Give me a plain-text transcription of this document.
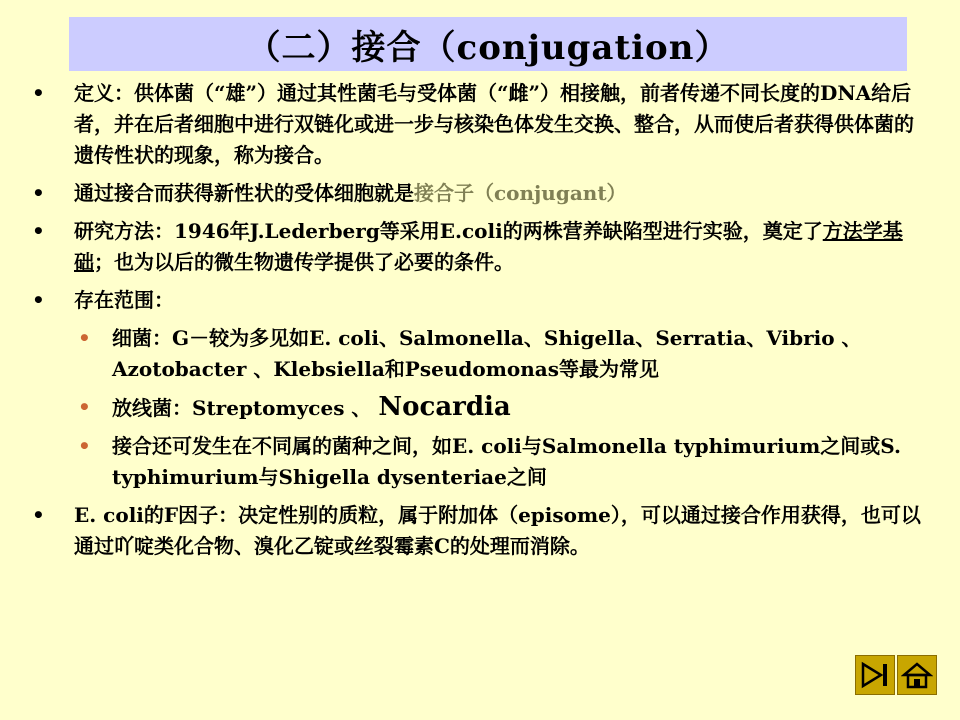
（二）接合（conjugation）
•	定义：供体菌（“雄”）通过其性菌毛与受体菌（“雌”）相接触，前者传递不同长度的DNA给后者，并在后者细胞中进行双链化或进一步与核染色体发生交换、整合，从而使后者获得供体菌的遗传性状的现象，称为接合。
•	通过接合而获得新性状的受体细胞就是接合子（conjugant）
•	研究方法：1946年J.Lederberg等采用E.coli的两株营养缺陷型进行实验，奠定了方法学基础；也为以后的微生物遗传学提供了必要的条件。
•	存在范围：
•	细菌：G－较为多见如E. coli、Salmonella、Shigella、Serratia、Vibrio 、Azotobacter 、Klebsiella和Pseudomonas等最为常见
•	放线菌：Streptomyces 、 Nocardia
•	接合还可发生在不同属的菌种之间，如E. coli与Salmonella typhimurium之间或S. typhimurium与Shigella dysenteriae之间
•	E. coli的F因子：决定性别的质粒，属于附加体（episome），可以通过接合作用获得，也可以通过吖啶类化合物、溴化乙锭或丝裂霉素C的处理而消除。
